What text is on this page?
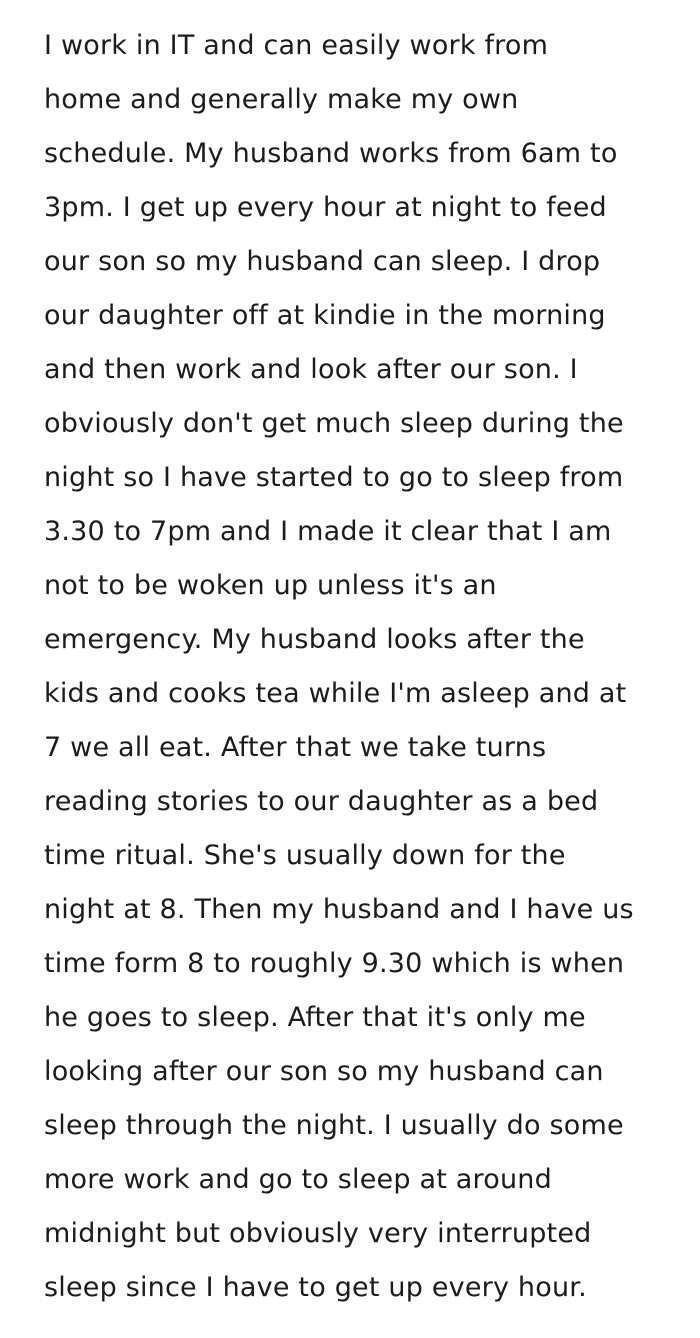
I work in IT and can easily work from
home and generally make my own
schedule. My husband works from 6am to
3pm. I get up every hour at night to feed
our son so my husband can sleep. I drop
our daughter off at kindie in the morning
and then work and look after our son. I
obviously don't get much sleep during the
night so I have started to go to sleep from
3.30 to 7pm and I made it clear that I am
not to be woken up unless it's an
emergency. My husband looks after the
kids and cooks tea while I'm asleep and at
7 we all eat. After that we take turns
reading stories to our daughter as a bed
time ritual. She's usually down for the
night at 8. Then my husband and I have us
time form 8 to roughly 9.30 which is when
he goes to sleep. After that it's only me
looking after our son so my husband can
sleep through the night. I usually do some
more work and go to sleep at around
midnight but obviously very interrupted
sleep since I have to get up every hour.
